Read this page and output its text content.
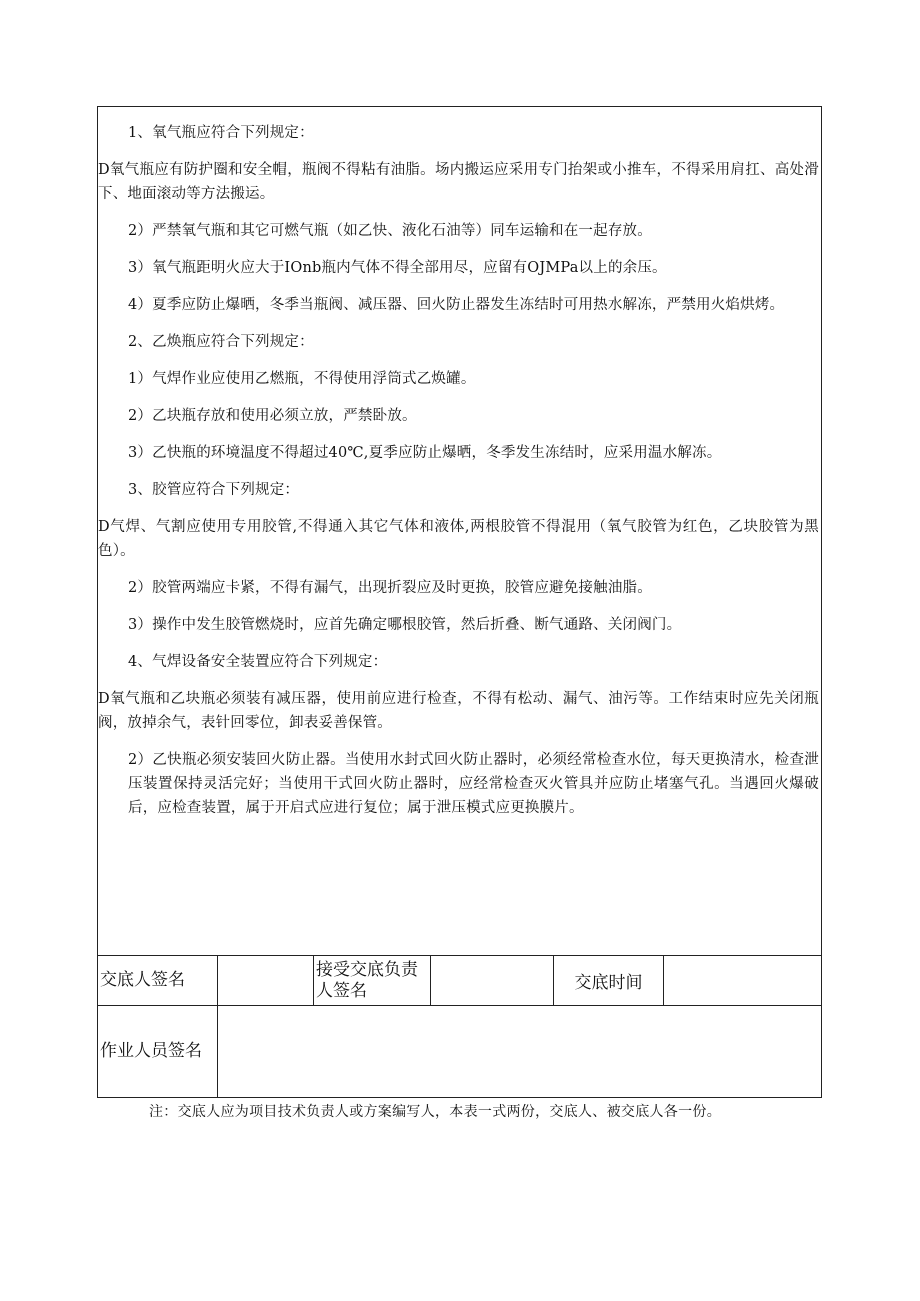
1、氧气瓶应符合下列规定：

D氧气瓶应有防护圈和安全帽，瓶阀不得粘有油脂。场内搬运应采用专门抬架或小推车，不得采用肩扛、高处滑下、地面滚动等方法搬运。

2）严禁氧气瓶和其它可燃气瓶（如乙快、液化石油等）同车运输和在一起存放。

3）氧气瓶距明火应大于IOnb瓶内气体不得全部用尽，应留有OJMPa以上的余压。

4）夏季应防止爆晒，冬季当瓶阀、减压器、回火防止器发生冻结时可用热水解冻，严禁用火焰烘烤。

2、乙焕瓶应符合下列规定：

1）气焊作业应使用乙燃瓶，不得使用浮筒式乙焕罐。

2）乙块瓶存放和使用必须立放，严禁卧放。

3）乙快瓶的环境温度不得超过40℃,夏季应防止爆晒，冬季发生冻结时，应采用温水解冻。

3、胶管应符合下列规定：

D气焊、气割应使用专用胶管,不得通入其它气体和液体,两根胶管不得混用（氧气胶管为红色，乙块胶管为黑色）。

2）胶管两端应卡紧，不得有漏气，出现折裂应及时更换，胶管应避免接触油脂。

3）操作中发生胶管燃烧时，应首先确定哪根胶管，然后折叠、断气通路、关闭阀门。

4、气焊设备安全装置应符合下列规定：

D氧气瓶和乙块瓶必须装有减压器，使用前应进行检查，不得有松动、漏气、油污等。工作结束时应先关闭瓶阀，放掉余气，表针回零位，卸表妥善保管。

2）乙快瓶必须安装回火防止器。当使用水封式回火防止器时，必须经常检查水位，每天更换清水，检查泄压装置保持灵活完好；当使用干式回火防止器时，应经常检查灭火管具并应防止堵塞气孔。当遇回火爆破后，应检查装置，属于开启式应进行复位；属于泄压模式应更换膜片。

交底人签名
接受交底负责人签名	交底时间
作业人员签名
注：交底人应为项目技术负责人或方案编写人，本表一式两份，交底人、被交底人各一份。
